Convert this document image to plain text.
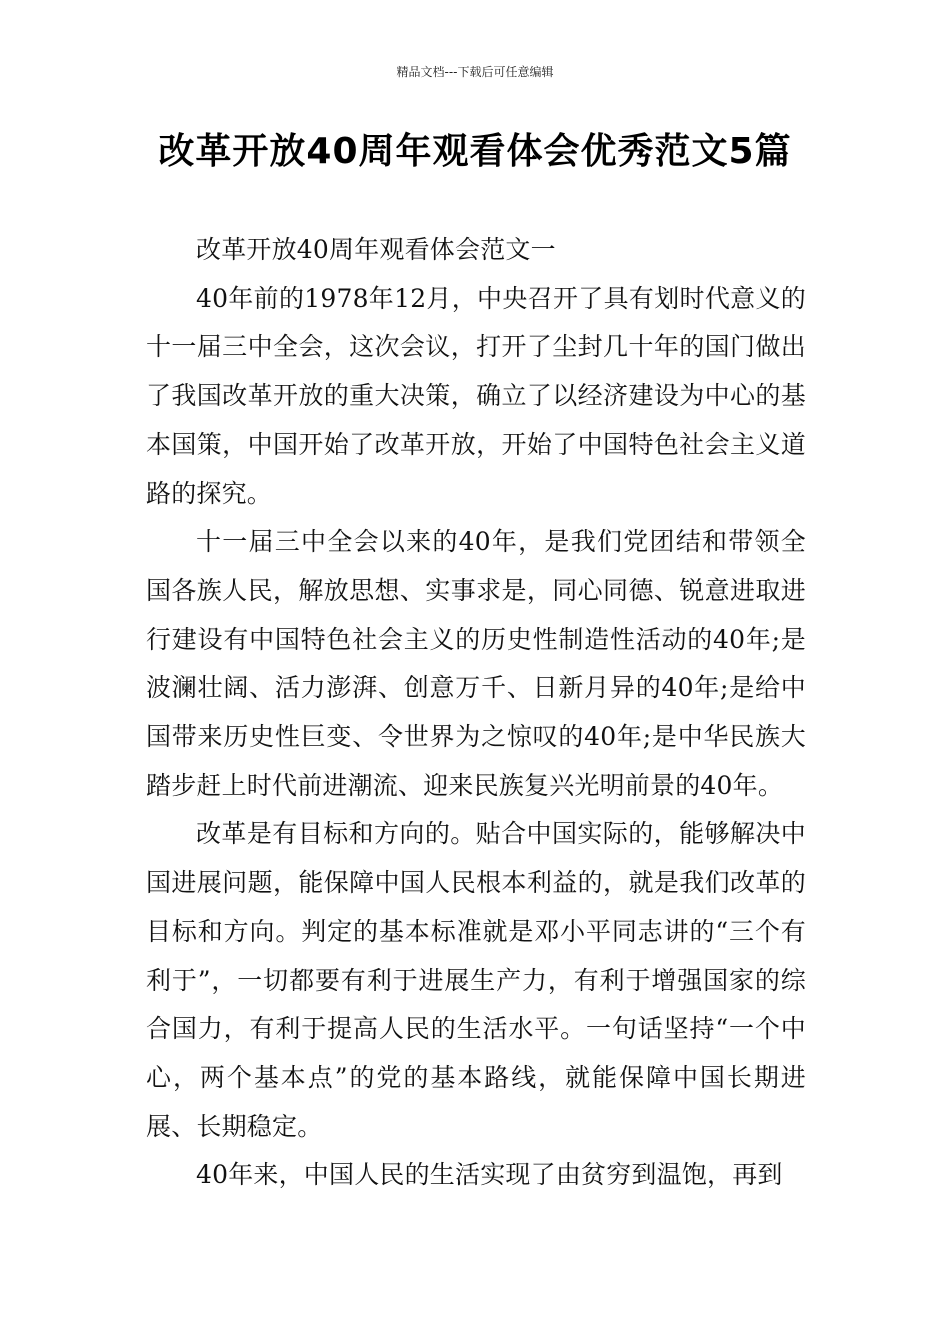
精品文档---下载后可任意编辑
改革开放40周年观看体会优秀范文5篇

改革开放40周年观看体会范文一

40年前的1978年12月，中央召开了具有划时代意义的十一届三中全会，这次会议，打开了尘封几十年的国门做出了我国改革开放的重大决策，确立了以经济建设为中心的基本国策，中国开始了改革开放，开始了中国特色社会主义道路的探究。

十一届三中全会以来的40年，是我们党团结和带领全国各族人民，解放思想、实事求是，同心同德、锐意进取进行建设有中国特色社会主义的历史性制造性活动的40年;是波澜壮阔、活力澎湃、创意万千、日新月异的40年;是给中国带来历史性巨变、令世界为之惊叹的40年;是中华民族大踏步赶上时代前进潮流、迎来民族复兴光明前景的40年。

改革是有目标和方向的。贴合中国实际的，能够解决中国进展问题，能保障中国人民根本利益的，就是我们改革的目标和方向。判定的基本标准就是邓小平同志讲的“三个有利于”，一切都要有利于进展生产力，有利于增强国家的综合国力，有利于提高人民的生活水平。一句话坚持“一个中心，两个基本点”的党的基本路线，就能保障中国长期进展、长期稳定。

40年来，中国人民的生活实现了由贫穷到温饱，再到
